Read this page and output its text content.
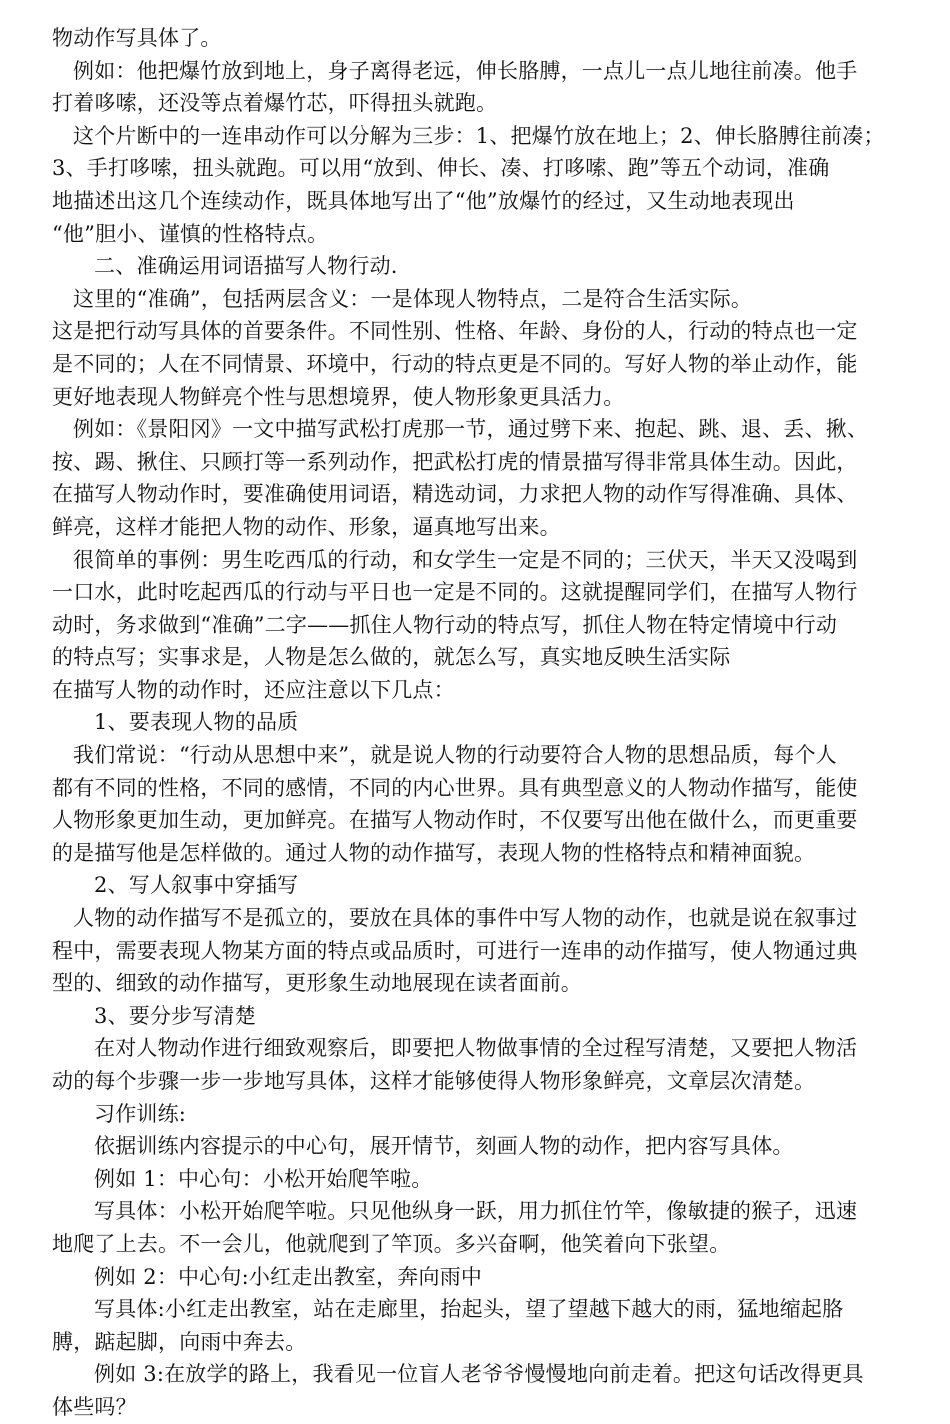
物动作写具体了。
例如：他把爆竹放到地上，身子离得老远，伸长胳膊，一点儿一点儿地往前凑。他手
打着哆嗦，还没等点着爆竹芯，吓得扭头就跑。
这个片断中的一连串动作可以分解为三步：1、把爆竹放在地上；2、伸长胳膊往前凑；
3、手打哆嗦，扭头就跑。可以用“放到、伸长、凑、打哆嗦、跑”等五个动词，准确
地描述出这几个连续动作，既具体地写出了“他”放爆竹的经过，又生动地表现出
“他”胆小、谨慎的性格特点。
二、准确运用词语描写人物行动.
这里的“准确”，包括两层含义：一是体现人物特点，二是符合生活实际。
这是把行动写具体的首要条件。不同性别、性格、年龄、身份的人，行动的特点也一定
是不同的；人在不同情景、环境中，行动的特点更是不同的。写好人物的举止动作，能
更好地表现人物鲜亮个性与思想境界，使人物形象更具活力。
例如：《景阳冈》一文中描写武松打虎那一节，通过劈下来、抱起、跳、退、丢、揪、
按、踢、揪住、只顾打等一系列动作，把武松打虎的情景描写得非常具体生动。因此，
在描写人物动作时，要准确使用词语，精选动词，力求把人物的动作写得准确、具体、
鲜亮，这样才能把人物的动作、形象，逼真地写出来。
很简单的事例：男生吃西瓜的行动，和女学生一定是不同的；三伏天，半天又没喝到
一口水，此时吃起西瓜的行动与平日也一定是不同的。这就提醒同学们，在描写人物行
动时，务求做到“准确”二字——抓住人物行动的特点写，抓住人物在特定情境中行动
的特点写；实事求是，人物是怎么做的，就怎么写，真实地反映生活实际
在描写人物的动作时，还应注意以下几点：
1、要表现人物的品质
我们常说：“行动从思想中来”，就是说人物的行动要符合人物的思想品质，每个人
都有不同的性格，不同的感情，不同的内心世界。具有典型意义的人物动作描写，能使
人物形象更加生动，更加鲜亮。在描写人物动作时，不仅要写出他在做什么，而更重要
的是描写他是怎样做的。通过人物的动作描写，表现人物的性格特点和精神面貌。
2、写人叙事中穿插写
人物的动作描写不是孤立的，要放在具体的事件中写人物的动作，也就是说在叙事过
程中，需要表现人物某方面的特点或品质时，可进行一连串的动作描写，使人物通过典
型的、细致的动作描写，更形象生动地展现在读者面前。
3、要分步写清楚
在对人物动作进行细致观察后，即要把人物做事情的全过程写清楚，又要把人物活
动的每个步骤一步一步地写具体，这样才能够使得人物形象鲜亮，文章层次清楚。
习作训练:
依据训练内容提示的中心句，展开情节，刻画人物的动作，把内容写具体。
例如 1：中心句：小松开始爬竿啦。
写具体：小松开始爬竿啦。只见他纵身一跃，用力抓住竹竿，像敏捷的猴子，迅速
地爬了上去。不一会儿，他就爬到了竿顶。多兴奋啊，他笑着向下张望。
例如 2：中心句:小红走出教室，奔向雨中
写具体:小红走出教室，站在走廊里，抬起头，望了望越下越大的雨，猛地缩起胳
膊，踮起脚，向雨中奔去。
例如 3:在放学的路上，我看见一位盲人老爷爷慢慢地向前走着。把这句话改得更具
体些吗？
